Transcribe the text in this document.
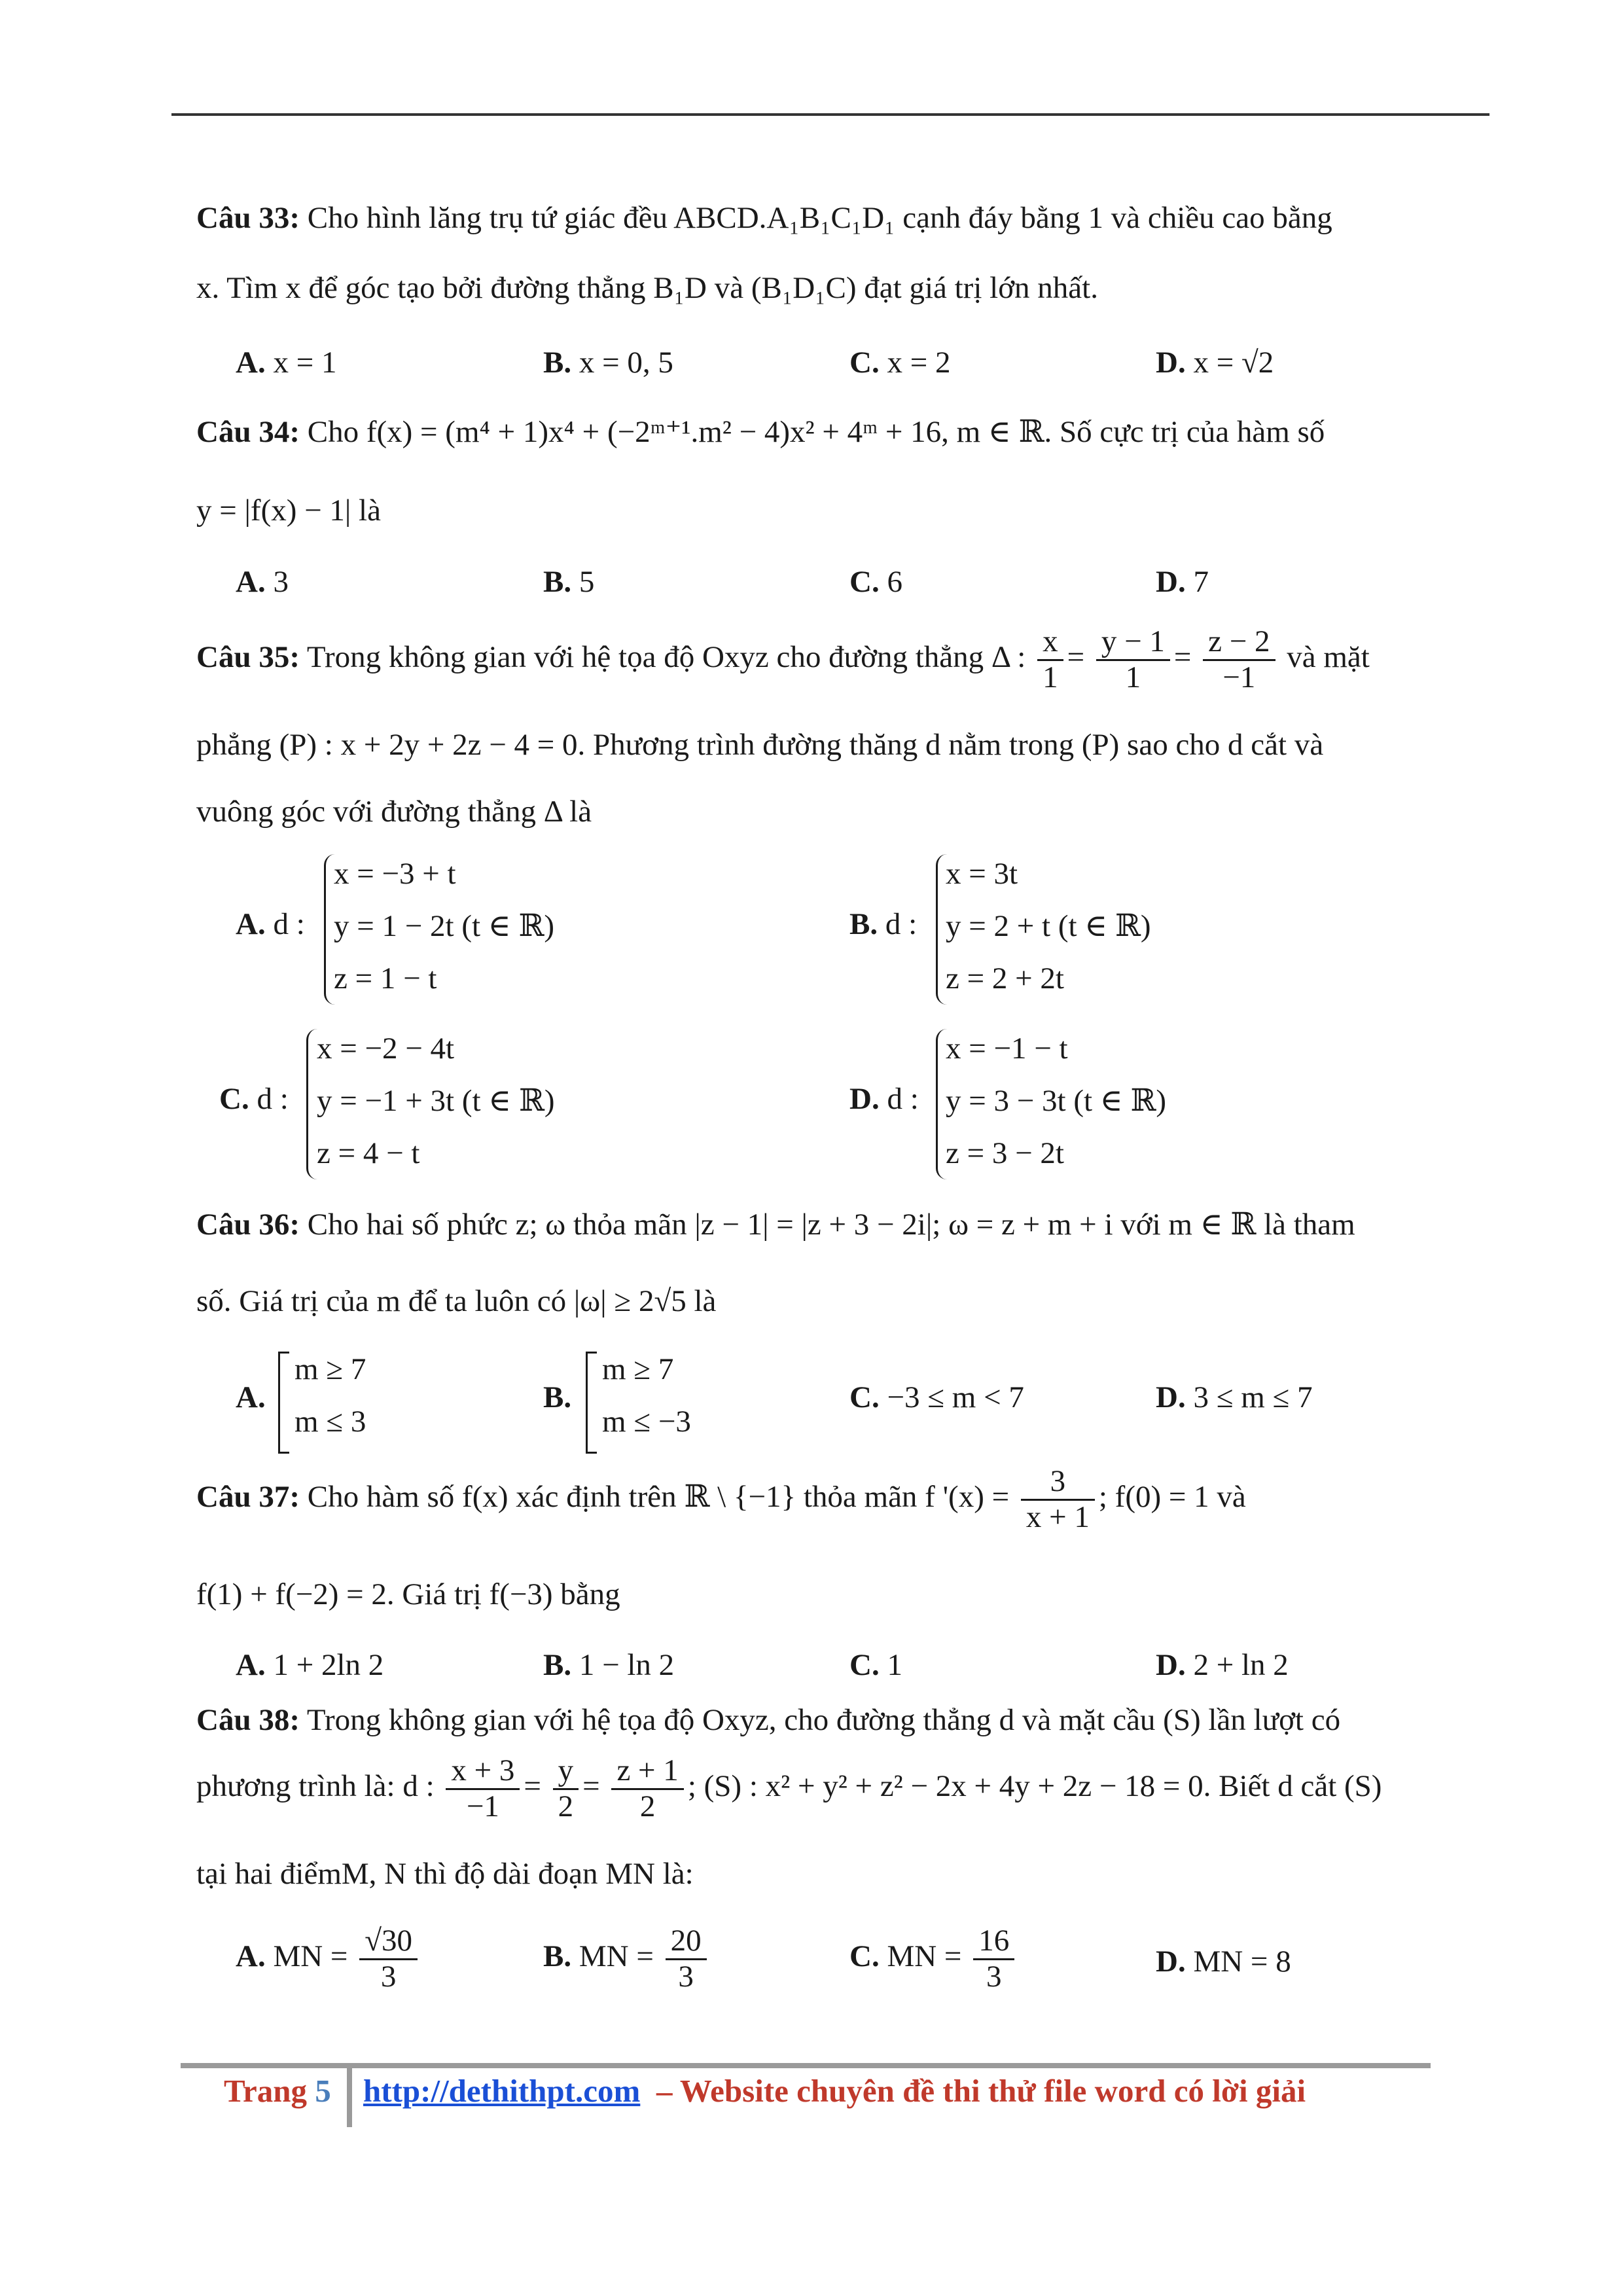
Câu 33: Cho hình lăng trụ tứ giác đều ABCD.A₁B₁C₁D₁ cạnh đáy bằng 1 và chiều cao bằng
x. Tìm x để góc tạo bởi đường thẳng B₁D và (B₁D₁C) đạt giá trị lớn nhất.
A. x = 1	B. x = 0, 5	C. x = 2	D. x = √2
Câu 34: Cho f(x) = (m⁴ + 1)x⁴ + (−2ᵐ⁺¹.m² − 4)x² + 4ᵐ + 16, m ∈ ℝ. Số cực trị của hàm số
y = |f(x) − 1| là
A. 3	B. 5	C. 6	D. 7
Câu 35: Trong không gian với hệ tọa độ Oxyz cho đường thẳng Δ : $\frac{x}{1} = \frac{y - 1}{1} = \frac{z - 2}{-1}$ và mặt
phẳng (P) : x + 2y + 2z − 4 = 0. Phương trình đường thăng d nằm trong (P) sao cho d cắt và
vuông góc với đường thẳng Δ là
A. d :
x = −3 + t
y = 1 − 2t (t ∈ ℝ)
z = 1 − t
B. d :
x = 3t
y = 2 + t (t ∈ ℝ)
z = 2 + 2t
C. d :
x = −2 − 4t
y = −1 + 3t (t ∈ ℝ)
z = 4 − t
D. d :
x = −1 − t
y = 3 − 3t (t ∈ ℝ)
z = 3 − 2t
Câu 36: Cho hai số phức z; ω thỏa mãn |z − 1| = |z + 3 − 2i|; ω = z + m + i với m ∈ ℝ là tham
số. Giá trị của m để ta luôn có |ω| ≥ 2√5 là
A.
m ≥ 7
m ≤ 3
B.
m ≥ 7
m ≤ −3
C. −3 ≤ m < 7	D. 3 ≤ m ≤ 7
Câu 37: Cho hàm số f(x) xác định trên ℝ \ {−1} thỏa mãn f '$(x) = \frac{3}{x + 1}$ ; f(0) = 1 và
f(1) + f(−2) = 2. Giá trị f(−3) bằng
A. 1 + 2ln 2	B. 1 − ln 2	C. 1	D. 2 + ln 2
Câu 38: Trong không gian với hệ tọa độ Oxyz, cho đường thẳng d và mặt cầu (S) lần lượt có
phương trình là: d : $\frac{x + 3}{-1} = \frac{y}{2} = \frac{z + 1}{2}$ ; (S) : x² + y² + z² − 2x + 4y + 2z − 18 = 0. Biết d cắt (S)
tại hai điểmM, N thì độ dài đoạn MN là:
A. MN = $\frac{√30}{3}$	B. MN = $\frac{20}{3}$	C. MN = $\frac{16}{3}$	D. MN = 8
Trang 5 http://dethithpt.com – Website chuyên đề thi thử file word có lời giải
